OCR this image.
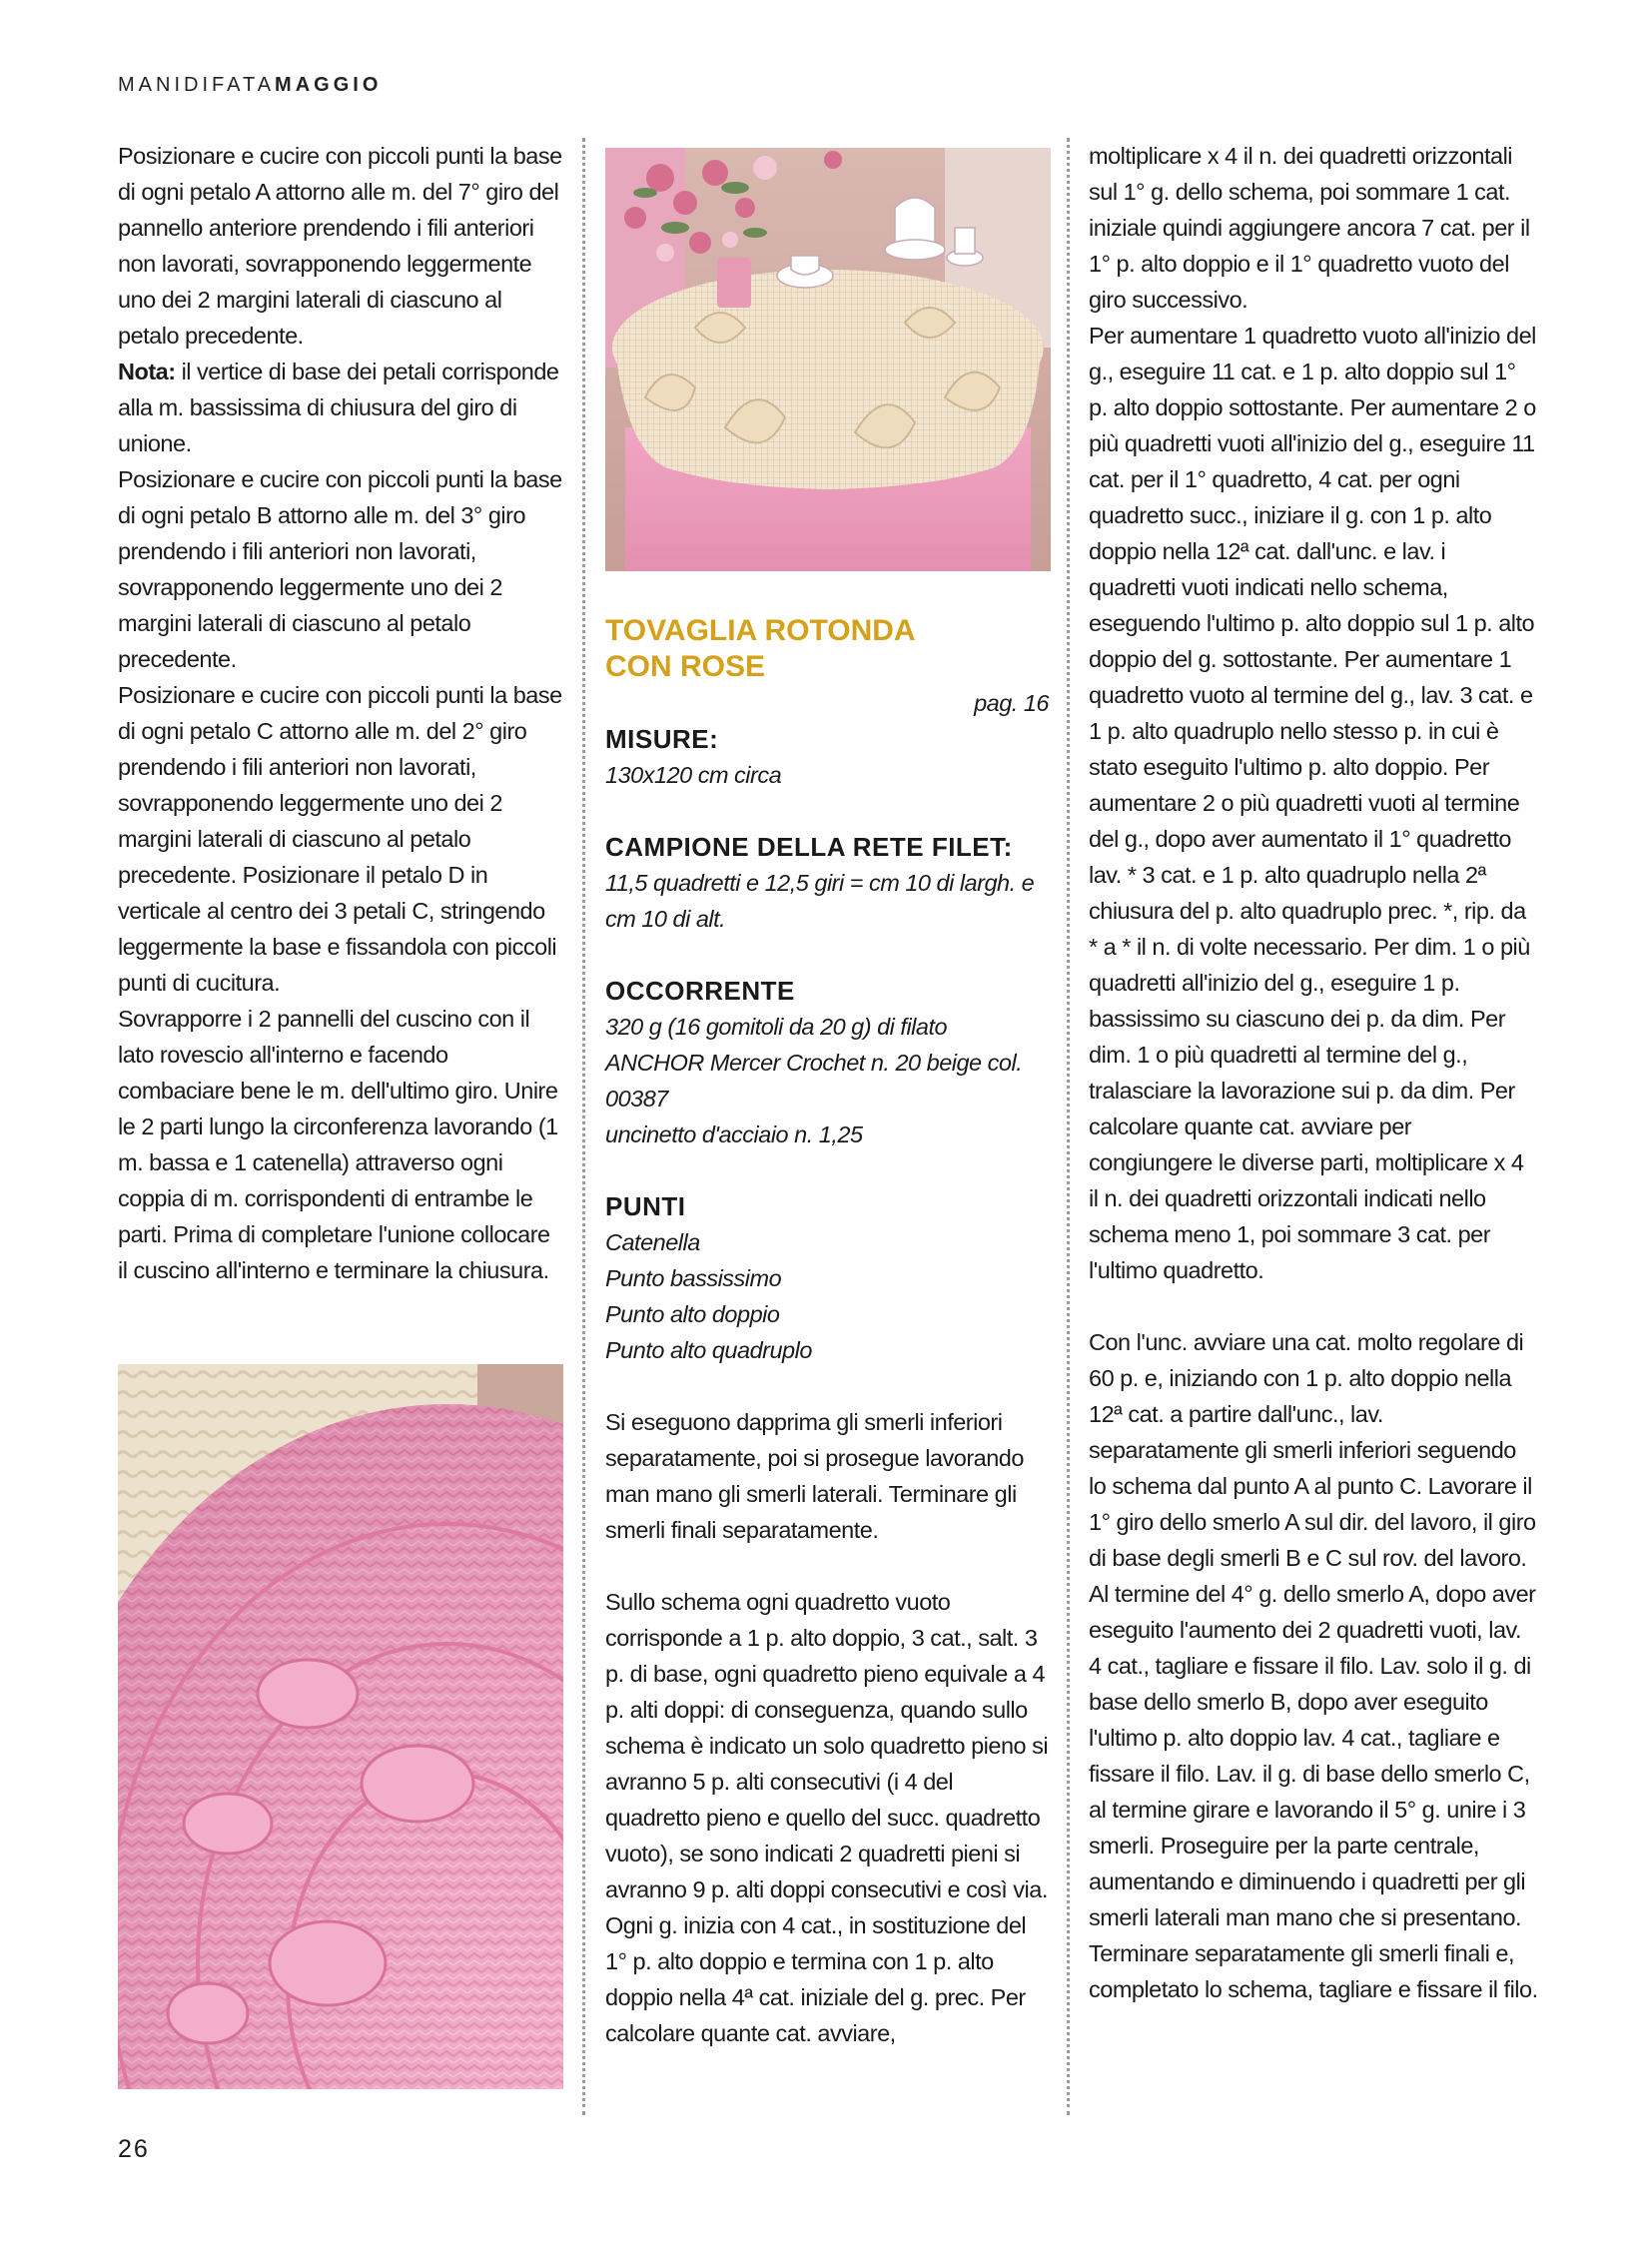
MANIDIFATAMAGGIO

Posizionare e cucire con piccoli punti la base di ogni petalo A attorno alle m. del 7° giro del pannello anteriore prendendo i fili anteriori non lavorati, sovrapponendo leggermente uno dei 2 margini laterali di ciascuno al petalo precedente.

Nota: il vertice di base dei petali corrisponde alla m. bassissima di chiusura del giro di unione.

Posizionare e cucire con piccoli punti la base di ogni petalo B attorno alle m. del 3° giro prendendo i fili anteriori non lavorati, sovrapponendo leggermente uno dei 2 margini laterali di ciascuno al petalo precedente.

Posizionare e cucire con piccoli punti la base di ogni petalo C attorno alle m. del 2° giro prendendo i fili anteriori non lavorati, sovrapponendo leggermente uno dei 2 margini laterali di ciascuno al petalo precedente. Posizionare il petalo D in verticale al centro dei 3 petali C, stringendo leggermente la base e fissandola con piccoli punti di cucitura.

Sovrapporre i 2 pannelli del cuscino con il lato rovescio all'interno e facendo combaciare bene le m. dell'ultimo giro. Unire le 2 parti lungo la circonferenza lavorando (1 m. bassa e 1 catenella) attraverso ogni coppia di m. corrispondenti di entrambe le parti. Prima di completare l'unione collocare il cuscino all'interno e terminare la chiusura.

TOVAGLIA ROTONDA
CON ROSE
pag. 16
MISURE:
130x120 cm circa
CAMPIONE DELLA RETE FILET:
11,5 quadretti e 12,5 giri = cm 10 di largh. e cm 10 di alt.
OCCORRENTE
320 g (16 gomitoli da 20 g) di filato ANCHOR Mercer Crochet n. 20 beige col. 00387
uncinetto d'acciaio n. 1,25
PUNTI
Catenella
Punto bassissimo
Punto alto doppio
Punto alto quadruplo

Si eseguono dapprima gli smerli inferiori separatamente, poi si prosegue lavorando man mano gli smerli laterali. Terminare gli smerli finali separatamente.

Sullo schema ogni quadretto vuoto corrisponde a 1 p. alto doppio, 3 cat., salt. 3 p. di base, ogni quadretto pieno equivale a 4 p. alti doppi: di conseguenza, quando sullo schema è indicato un solo quadretto pieno si avranno 5 p. alti consecutivi (i 4 del quadretto pieno e quello del succ. quadretto vuoto), se sono indicati 2 quadretti pieni si avranno 9 p. alti doppi consecutivi e così via.

Ogni g. inizia con 4 cat., in sostituzione del 1° p. alto doppio e termina con 1 p. alto doppio nella 4ª cat. iniziale del g. prec. Per calcolare quante cat. avviare,

moltiplicare x 4 il n. dei quadretti orizzontali sul 1° g. dello schema, poi sommare 1 cat. iniziale quindi aggiungere ancora 7 cat. per il 1° p. alto doppio e il 1° quadretto vuoto del giro successivo.

Per aumentare 1 quadretto vuoto all'inizio del g., eseguire 11 cat. e 1 p. alto doppio sul 1° p. alto doppio sottostante. Per aumentare 2 o più quadretti vuoti all'inizio del g., eseguire 11 cat. per il 1° quadretto, 4 cat. per ogni quadretto succ., iniziare il g. con 1 p. alto doppio nella 12ª cat. dall'unc. e lav. i quadretti vuoti indicati nello schema, eseguendo l'ultimo p. alto doppio sul 1 p. alto doppio del g. sottostante. Per aumentare 1 quadretto vuoto al termine del g., lav. 3 cat. e 1 p. alto quadruplo nello stesso p. in cui è stato eseguito l'ultimo p. alto doppio. Per aumentare 2 o più quadretti vuoti al termine del g., dopo aver aumentato il 1° quadretto lav. * 3 cat. e 1 p. alto quadruplo nella 2ª chiusura del p. alto quadruplo prec. *, rip. da * a * il n. di volte necessario. Per dim. 1 o più quadretti all'inizio del g., eseguire 1 p. bassissimo su ciascuno dei p. da dim. Per dim. 1 o più quadretti al termine del g., tralasciare la lavorazione sui p. da dim. Per calcolare quante cat. avviare per congiungere le diverse parti, moltiplicare x 4 il n. dei quadretti orizzontali indicati nello schema meno 1, poi sommare 3 cat. per l'ultimo quadretto.

Con l'unc. avviare una cat. molto regolare di 60 p. e, iniziando con 1 p. alto doppio nella 12ª cat. a partire dall'unc., lav. separatamente gli smerli inferiori seguendo lo schema dal punto A al punto C. Lavorare il 1° giro dello smerlo A sul dir. del lavoro, il giro di base degli smerli B e C sul rov. del lavoro. Al termine del 4° g. dello smerlo A, dopo aver eseguito l'aumento dei 2 quadretti vuoti, lav. 4 cat., tagliare e fissare il filo. Lav. solo il g. di base dello smerlo B, dopo aver eseguito l'ultimo p. alto doppio lav. 4 cat., tagliare e fissare il filo. Lav. il g. di base dello smerlo C, al termine girare e lavorando il 5° g. unire i 3 smerli. Proseguire per la parte centrale, aumentando e diminuendo i quadretti per gli smerli laterali man mano che si presentano. Terminare separatamente gli smerli finali e, completato lo schema, tagliare e fissare il filo.

26
